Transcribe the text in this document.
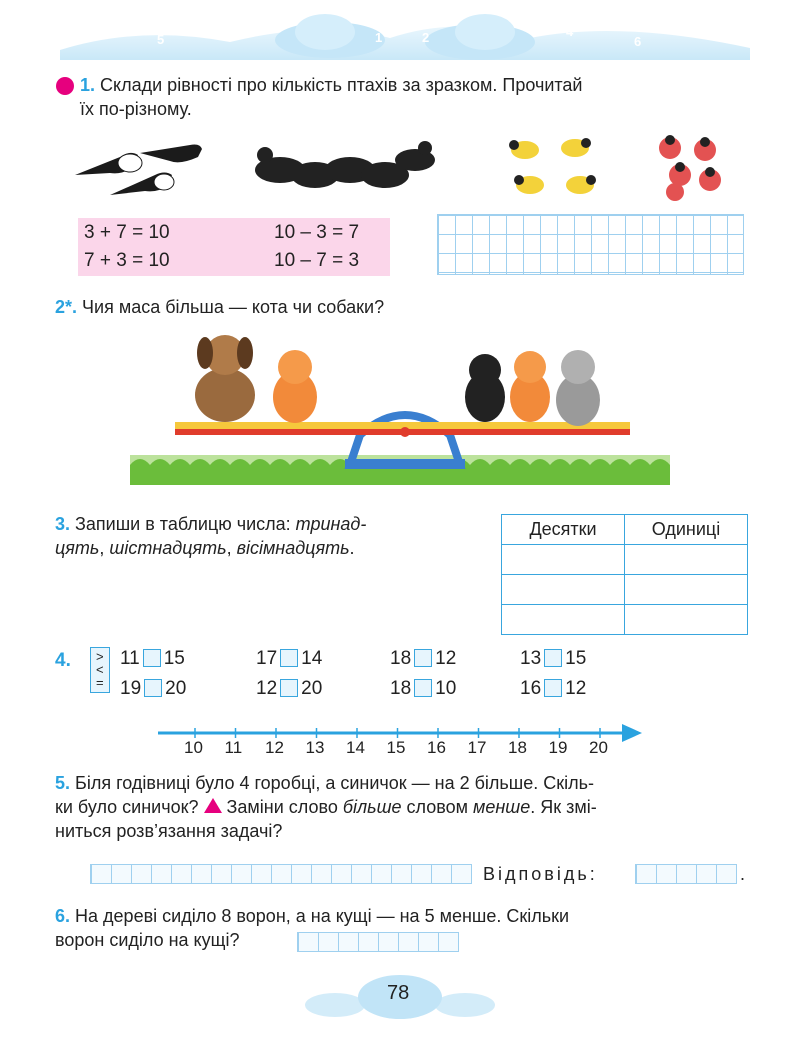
7
5
3	1
0
2	4
6
8
1. Склади рівності про кількість птахів за зразком. Прочитай
їх по-різному.
3 + 7 = 10	10 – 3 = 7
7 + 3 = 10	10 – 7 = 3
2*. Чия маса більша — кота чи собаки?
3. Запиши в таблицю числа: тринад-
цять, шістнадцять, вісімнадцять.
Десятки	Одиниці

4. >
<
=
11 15	17 14	18 12	13 15
19 20	12 20	18 10	16 12
10 11 12 13 14 15 16 17 18 19 20
5. Біля годівниці було 4 горобці, а синичок — на 2 більше. Скіль-
ки було синичок?  Заміни слово більше словом менше. Як змі-
ниться розв’язання задачі?
Відповідь:	.
6. На дереві сиділо 8 ворон, а на кущі — на 5 менше. Скільки
ворон сиділо на кущі?
78
